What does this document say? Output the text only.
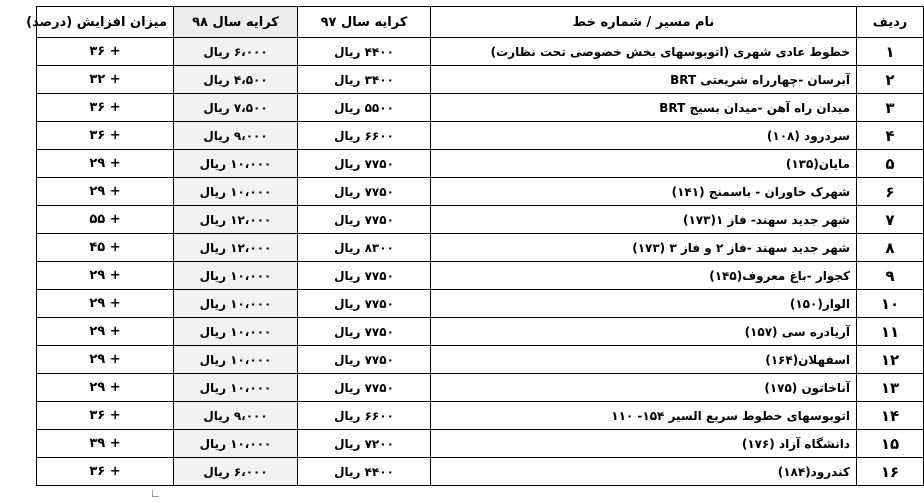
ردیف	نام مسیر / شماره خط	کرایه سال ۹۷	کرایه سال ۹۸	میزان افزایش (درصد)
۱	خطوط عادی شهری (اتوبوسهای بخش خصوصی تحت نظارت)	۴۴۰۰ ریال	۶،۰۰۰ ریال	+ ۳۶
۲	آبرسان -چهارراه شریعتی BRT	۳۴۰۰ ریال	۴،۵۰۰ ریال	+ ۳۲
۳	میدان راه آهن -میدان بسیج BRT	۵۵۰۰ ریال	۷،۵۰۰ ریال	+ ۳۶
۴	سردرود (۱۰۸)	۶۶۰۰ ریال	۹،۰۰۰ ریال	+ ۳۶
۵	مایان(۱۳۵)	۷۷۵۰ ریال	۱۰،۰۰۰ ریال	+ ۲۹
۶	شهرک خاوران - باسمنج (۱۴۱)	۷۷۵۰ ریال	۱۰،۰۰۰ ریال	+ ۲۹
۷	شهر جدید سهند- فاز ۱(۱۷۳)	۷۷۵۰ ریال	۱۲،۰۰۰ ریال	+ ۵۵
۸	شهر جدید سهند -فاز ۲ و فاز ۳ (۱۷۳)	۸۳۰۰ ریال	۱۲،۰۰۰ ریال	+ ۴۵
۹	کجوار -باغ معروف(۱۴۵)	۷۷۵۰ ریال	۱۰،۰۰۰ ریال	+ ۲۹
۱۰	الوار(۱۵۰)	۷۷۵۰ ریال	۱۰،۰۰۰ ریال	+ ۲۹
۱۱	آریادره سی (۱۵۷)	۷۷۵۰ ریال	۱۰،۰۰۰ ریال	+ ۲۹
۱۲	اسفهلان(۱۶۴)	۷۷۵۰ ریال	۱۰،۰۰۰ ریال	+ ۲۹
۱۳	آناخاتون (۱۷۵)	۷۷۵۰ ریال	۱۰،۰۰۰ ریال	+ ۲۹
۱۴	اتوبوسهای خطوط سریع السیر ۱۵۴- ۱۱۰	۶۶۰۰ ریال	۹،۰۰۰ ریال	+ ۳۶
۱۵	دانشگاه آزاد (۱۷۶)	۷۲۰۰ ریال	۱۰،۰۰۰ ریال	+ ۳۹
۱۶	کندرود(۱۸۴)	۴۴۰۰ ریال	۶،۰۰۰ ریال	+ ۳۶
